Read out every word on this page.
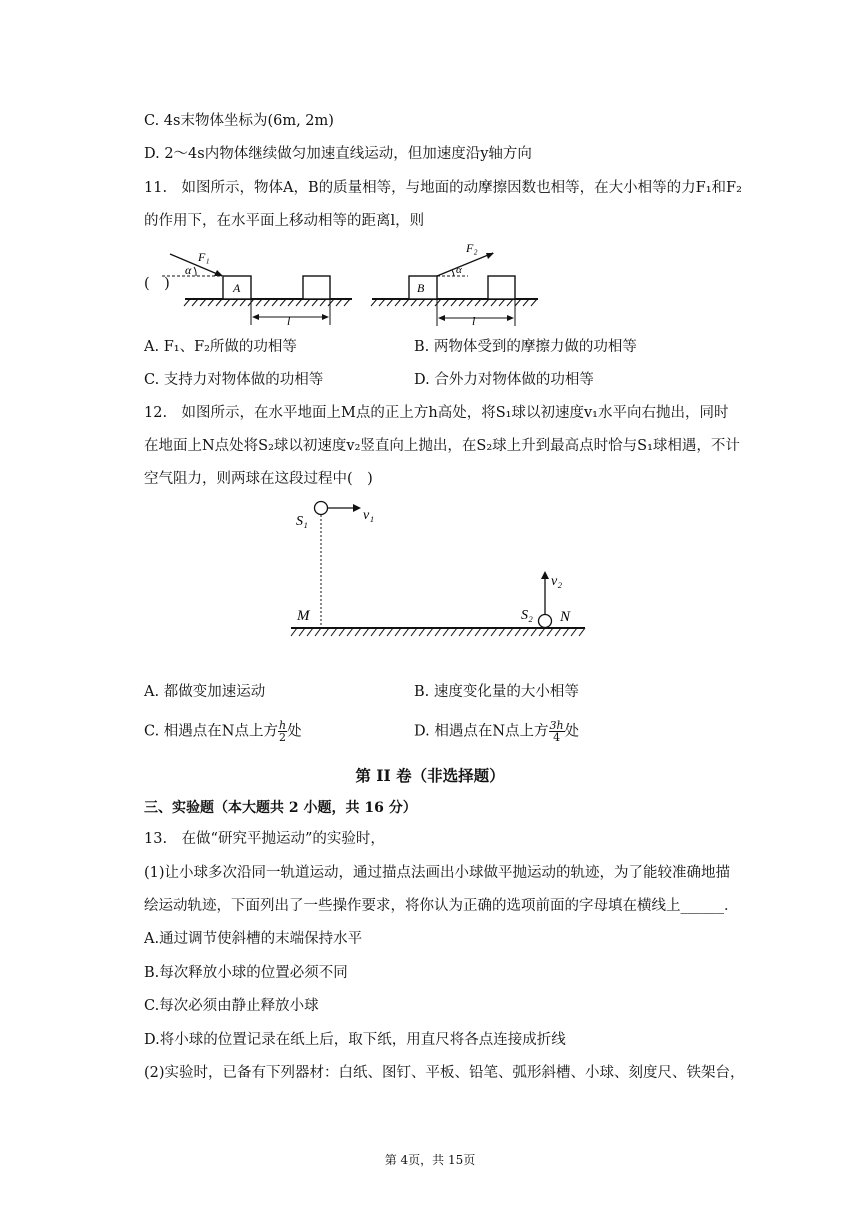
C. 4s末物体坐标为(6m, 2m)
D. 2～4s内物体继续做匀加速直线运动，但加速度沿y轴方向
11.　如图所示，物体A，B的质量相等，与地面的动摩擦因数也相等，在大小相等的力F₁和F₂
的作用下，在水平面上移动相等的距离l，则
(　)
F₁
α
A
l
F₂
α
B
l
A. F₁、F₂所做的功相等	B. 两物体受到的摩擦力做的功相等
C. 支持力对物体做的功相等	D. 合外力对物体做的功相等
12.　如图所示，在水平地面上M点的正上方h高处，将S₁球以初速度v₁水平向右抛出，同时
在地面上N点处将S₂球以初速度v₂竖直向上抛出，在S₂球上升到最高点时恰与S₁球相遇，不计
空气阻力，则两球在这段过程中(　)
S₁	v₁
M
v₂
S₂ N
A. 都做变加速运动	B. 速度变化量的大小相等
C. 相遇点在N点上方 $\frac{h}{2}$ 处	D. 相遇点在N点上方 $\frac{3h}{4}$ 处
第 II 卷（非选择题）
三、实验题（本大题共 2 小题，共 16 分）
13.　在做“研究平抛运动”的实验时，
(1)让小球多次沿同一轨道运动，通过描点法画出小球做平抛运动的轨迹，为了能较准确地描
绘运动轨迹，下面列出了一些操作要求，将你认为正确的选项前面的字母填在横线上______．
A.通过调节使斜槽的末端保持水平
B.每次释放小球的位置必须不同
C.每次必须由静止释放小球
D.将小球的位置记录在纸上后，取下纸，用直尺将各点连接成折线
(2)实验时，已备有下列器材：白纸、图钉、平板、铅笔、弧形斜槽、小球、刻度尺、铁架台，
第 4页，共 15页
